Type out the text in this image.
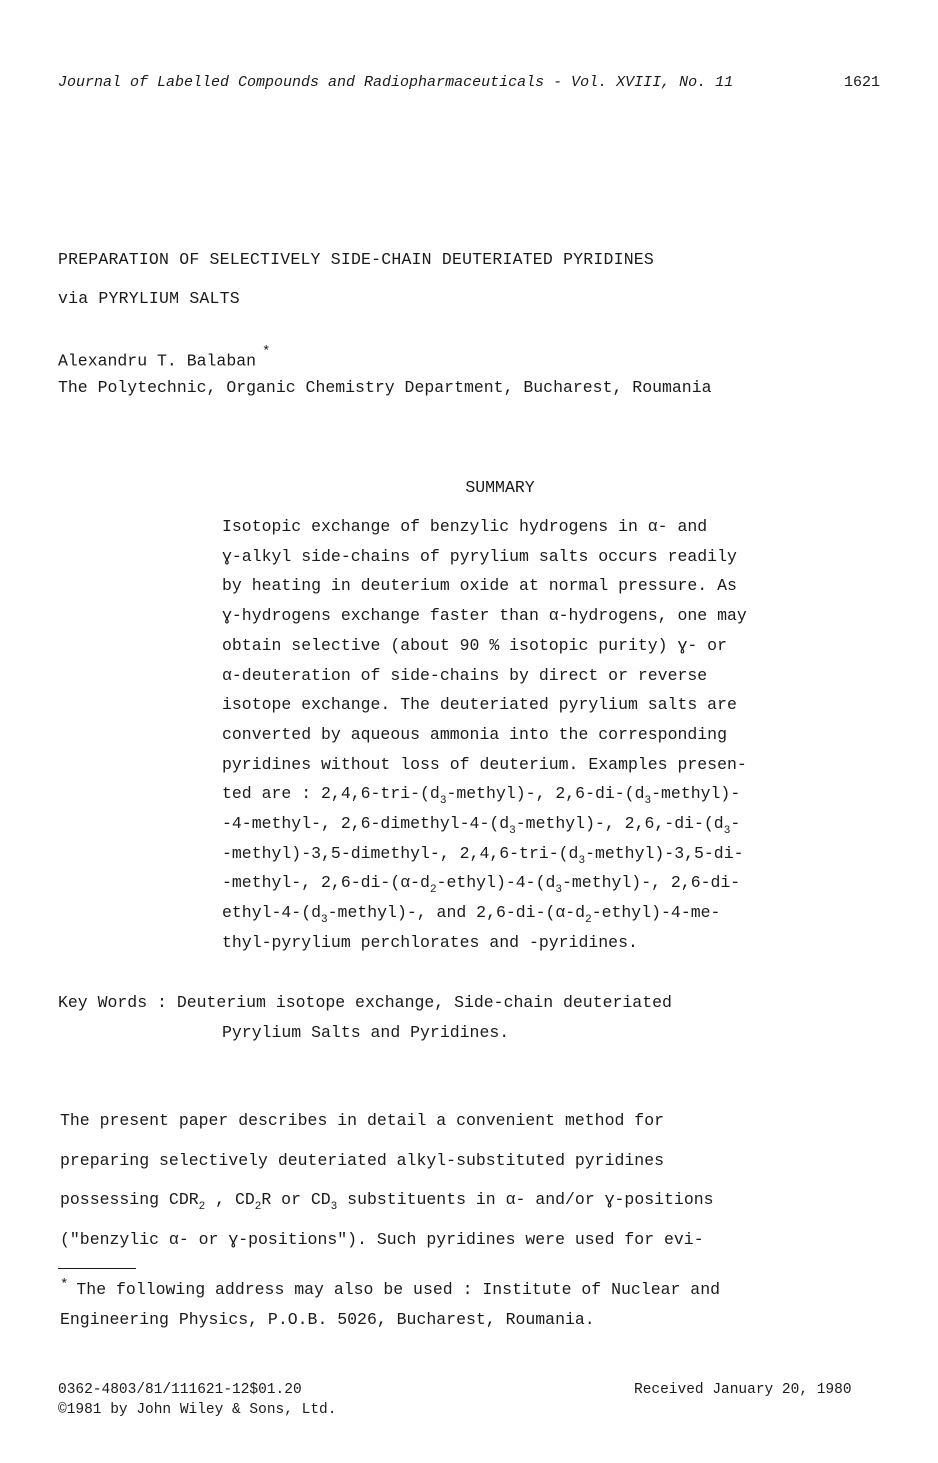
Journal of Labelled Compounds and Radiopharmaceuticals - Vol. XVIII, No. 11	1621
PREPARATION OF SELECTIVELY SIDE-CHAIN DEUTERIATED PYRIDINES
via PYRYLIUM SALTS
Alexandru T. Balaban *
The Polytechnic, Organic Chemistry Department, Bucharest, Roumania
SUMMARY
Isotopic exchange of benzylic hydrogens in α- and
ɣ-alkyl side-chains of pyrylium salts occurs readily
by heating in deuterium oxide at normal pressure. As
ɣ-hydrogens exchange faster than α-hydrogens, one may
obtain selective (about 90 % isotopic purity) ɣ- or
α-deuteration of side-chains by direct or reverse
isotope exchange. The deuteriated pyrylium salts are
converted by aqueous ammonia into the corresponding
pyridines without loss of deuterium. Examples presen-
ted are : $2,4,6-tri-(d_3-methyl)-$, $2,6-di-(d_3-methyl)-$
-4-methyl-, $2,6-dimethyl-4-(d_3-methyl)-$, $2,6,-di-(d_3-$
-methyl)-3,5-dimethyl-, $2,4,6-tri-(d_3-methyl)-3,5-di-$
-methyl-, $2,6-di-(\alpha-d_2-ethyl)-4-(d_3-methyl)-$, 2,6-di-
ethyl-$4-(d_3-methyl)-$, and $2,6-di-(\alpha-d_2-ethyl)-4-me-$
thyl-pyrylium perchlorates and -pyridines.
Key Words : Deuterium isotope exchange, Side-chain deuteriated
Pyrylium Salts and Pyridines.
The present paper describes in detail a convenient method for
preparing selectively deuteriated alkyl-substituted pyridines
possessing $CDR_2$ , $CD_2R$ or $CD_3$ substituents in α- and/or ɣ-positions
("benzylic α- or ɣ-positions"). Such pyridines were used for evi-
* The following address may also be used : Institute of Nuclear and
Engineering Physics, P.O.B. 5026, Bucharest, Roumania.
0362-4803/81/111621-12$01.20
©1981 by John Wiley & Sons, Ltd.
Received January 20, 1980
